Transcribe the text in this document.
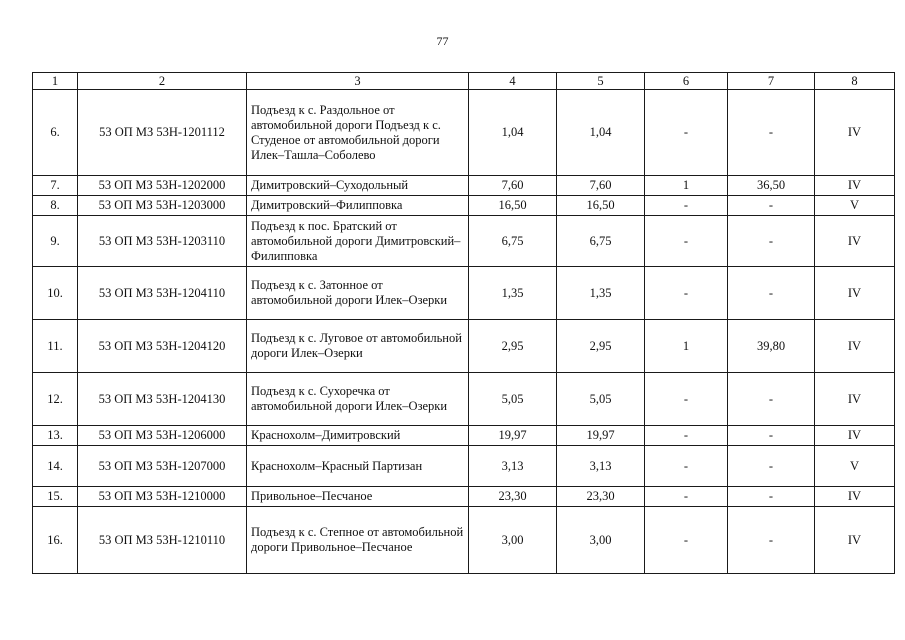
77
1	2	3	4	5	6	7	8
6.	53 ОП МЗ 53Н-1201112	Подъезд к с. Раздольное от автомобильной дороги Подъезд к с. Студеное от автомобильной дороги Илек–Ташла–Соболево	1,04	1,04	-	-	IV
7.	53 ОП МЗ 53Н-1202000	Димитровский–Суходольный	7,60	7,60	1	36,50	IV
8.	53 ОП МЗ 53Н-1203000	Димитровский–Филипповка	16,50	16,50	-	-	V
9.	53 ОП МЗ 53Н-1203110	Подъезд к пос. Братский от автомобильной дороги Димитровский–Филипповка	6,75	6,75	-	-	IV
10.	53 ОП МЗ 53Н-1204110	Подъезд к с. Затонное от автомобильной дороги Илек–Озерки	1,35	1,35	-	-	IV
11.	53 ОП МЗ 53Н-1204120	Подъезд к с. Луговое от автомобильной дороги Илек–Озерки	2,95	2,95	1	39,80	IV
12.	53 ОП МЗ 53Н-1204130	Подъезд к с. Сухоречка от автомобильной дороги Илек–Озерки	5,05	5,05	-	-	IV
13.	53 ОП МЗ 53Н-1206000	Краснохолм–Димитровский	19,97	19,97	-	-	IV
14.	53 ОП МЗ 53Н-1207000	Краснохолм–Красный Партизан	3,13	3,13	-	-	V
15.	53 ОП МЗ 53Н-1210000	Привольное–Песчаное	23,30	23,30	-	-	IV
16.	53 ОП МЗ 53Н-1210110	Подъезд к с. Степное от автомобильной дороги Привольное–Песчаное	3,00	3,00	-	-	IV
